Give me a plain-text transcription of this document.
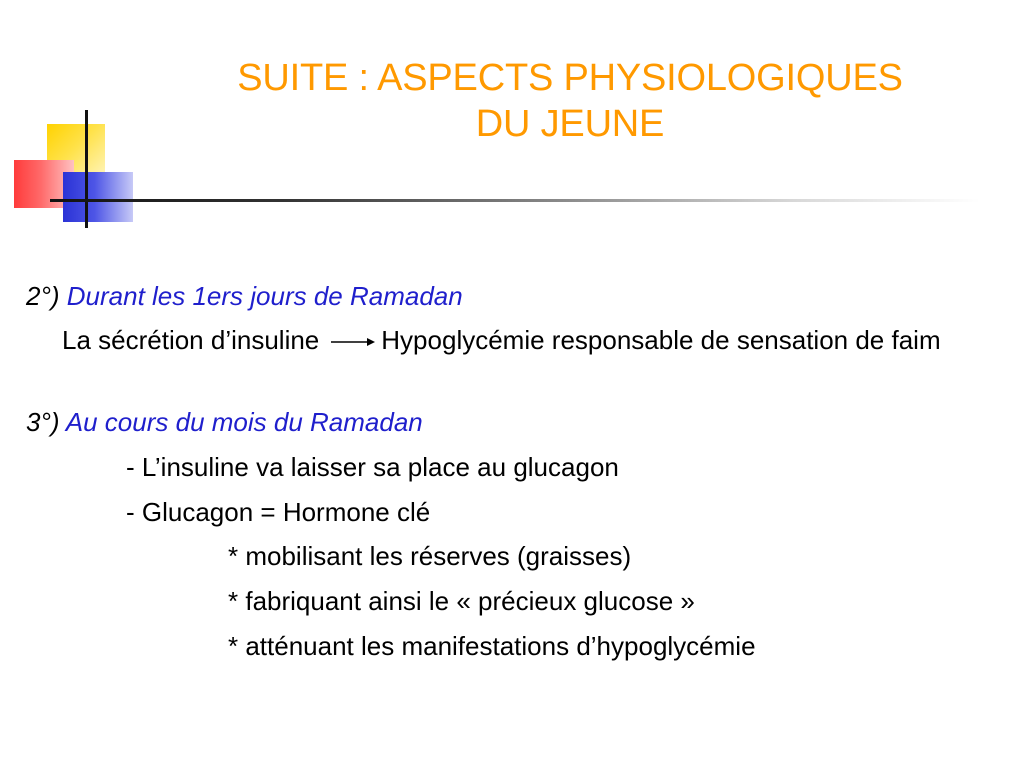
SUITE : ASPECTS PHYSIOLOGIQUES
DU JEUNE
2°) Durant les 1ers jours de Ramadan
La sécrétion d’insuline Hypoglycémie responsable de sensation de faim
3°) Au cours du mois du Ramadan
- L’insuline va laisser sa place au glucagon
- Glucagon = Hormone clé
* mobilisant les réserves (graisses)
* fabriquant ainsi le « précieux glucose »
* atténuant les manifestations d’hypoglycémie
